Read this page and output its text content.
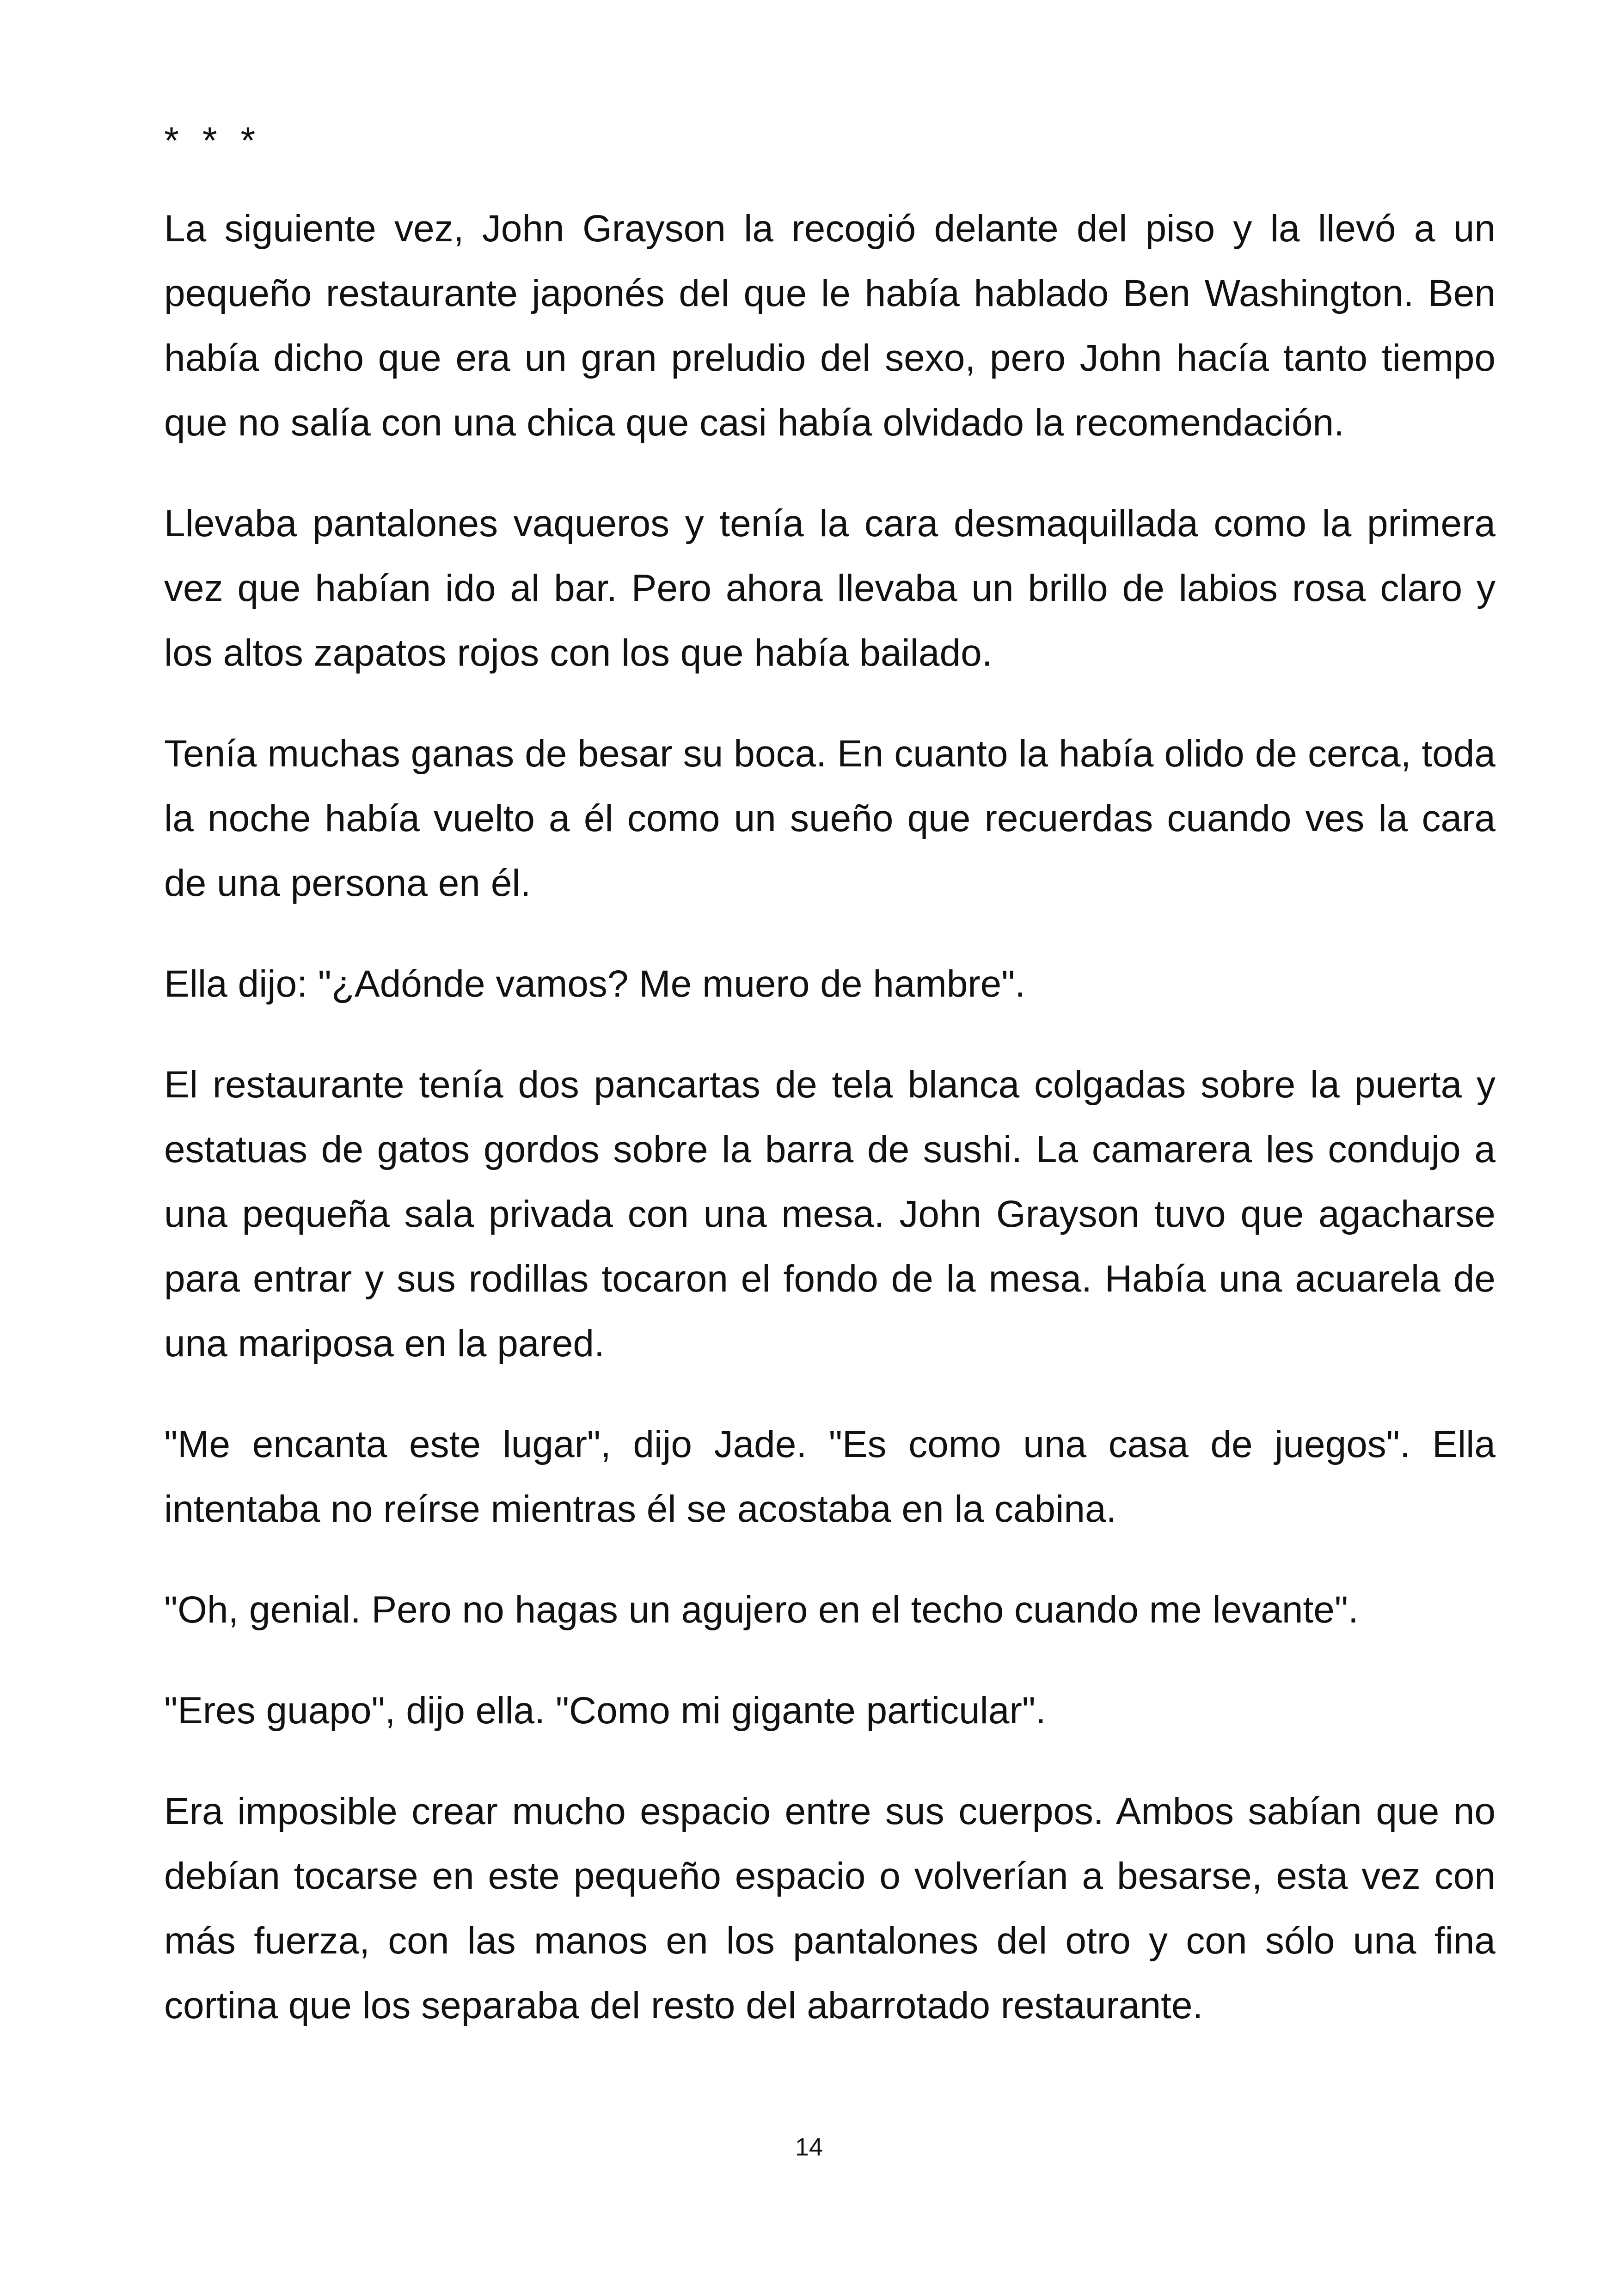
* * *

La siguiente vez, John Grayson la recogió delante del piso y la llevó a un pequeño restaurante japonés del que le había hablado Ben Washington. Ben había dicho que era un gran preludio del sexo, pero John hacía tanto tiempo que no salía con una chica que casi había olvidado la recomendación.

Llevaba pantalones vaqueros y tenía la cara desmaquillada como la primera vez que habían ido al bar. Pero ahora llevaba un brillo de labios rosa claro y los altos zapatos rojos con los que había bailado.

Tenía muchas ganas de besar su boca. En cuanto la había olido de cerca, toda la noche había vuelto a él como un sueño que recuerdas cuando ves la cara de una persona en él.

Ella dijo: "¿Adónde vamos? Me muero de hambre".

El restaurante tenía dos pancartas de tela blanca colgadas sobre la puerta y estatuas de gatos gordos sobre la barra de sushi. La camarera les condujo a una pequeña sala privada con una mesa. John Grayson tuvo que agacharse para entrar y sus rodillas tocaron el fondo de la mesa. Había una acuarela de una mariposa en la pared.

"Me encanta este lugar", dijo Jade. "Es como una casa de juegos". Ella intentaba no reírse mientras él se acostaba en la cabina.

"Oh, genial. Pero no hagas un agujero en el techo cuando me levante".

"Eres guapo", dijo ella. "Como mi gigante particular".

Era imposible crear mucho espacio entre sus cuerpos. Ambos sabían que no debían tocarse en este pequeño espacio o volverían a besarse, esta vez con más fuerza, con las manos en los pantalones del otro y con sólo una fina cortina que los separaba del resto del abarrotado restaurante.

14
